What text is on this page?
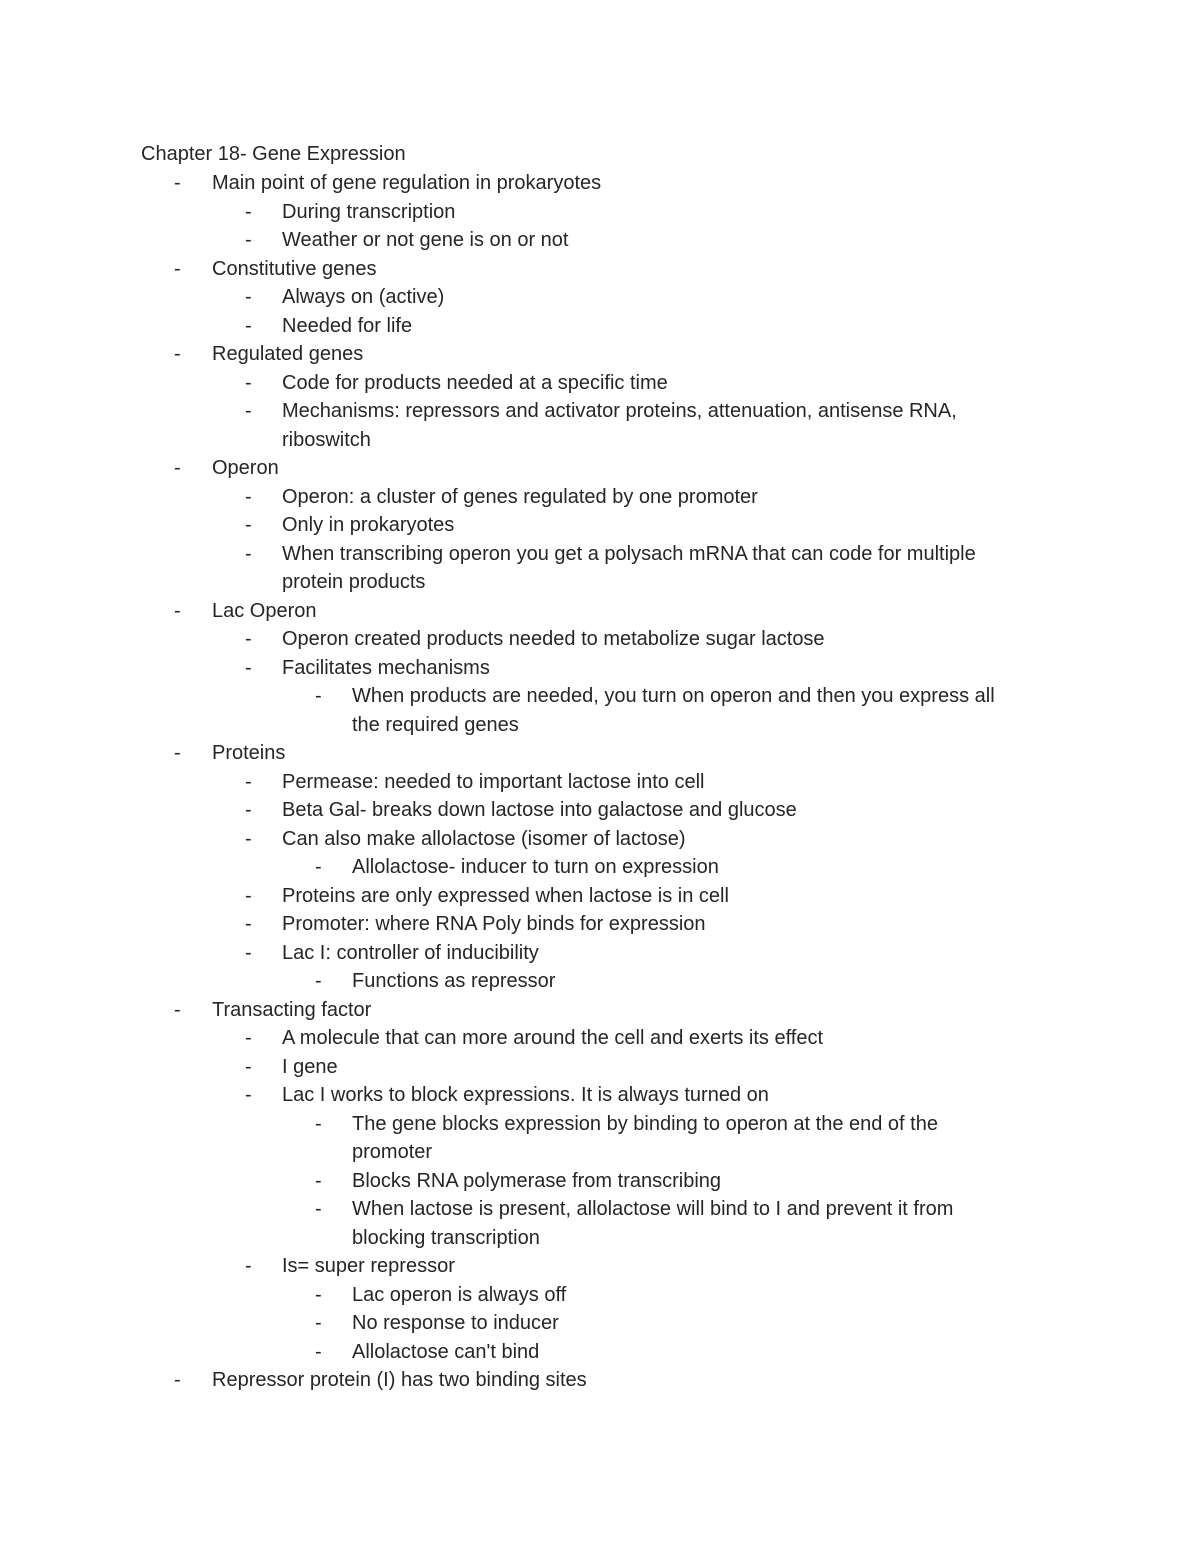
Chapter 18- Gene Expression
- Main point of gene regulation in prokaryotes
- During transcription
- Weather or not gene is on or not
- Constitutive genes
- Always on (active)
- Needed for life
- Regulated genes
- Code for products needed at a specific time
- Mechanisms: repressors and activator proteins, attenuation, antisense RNA,
riboswitch
- Operon
- Operon: a cluster of genes regulated by one promoter
- Only in prokaryotes
- When transcribing operon you get a polysach mRNA that can code for multiple
protein products
- Lac Operon
- Operon created products needed to metabolize sugar lactose
- Facilitates mechanisms
- When products are needed, you turn on operon and then you express all
the required genes
- Proteins
- Permease: needed to important lactose into cell
- Beta Gal- breaks down lactose into galactose and glucose
- Can also make allolactose (isomer of lactose)
- Allolactose- inducer to turn on expression
- Proteins are only expressed when lactose is in cell
- Promoter: where RNA Poly binds for expression
- Lac I: controller of inducibility
- Functions as repressor
- Transacting factor
- A molecule that can more around the cell and exerts its effect
- I gene
- Lac I works to block expressions. It is always turned on
- The gene blocks expression by binding to operon at the end of the
promoter
- Blocks RNA polymerase from transcribing
- When lactose is present, allolactose will bind to I and prevent it from
blocking transcription
- Is= super repressor
- Lac operon is always off
- No response to inducer
- Allolactose can't bind
- Repressor protein (I) has two binding sites
